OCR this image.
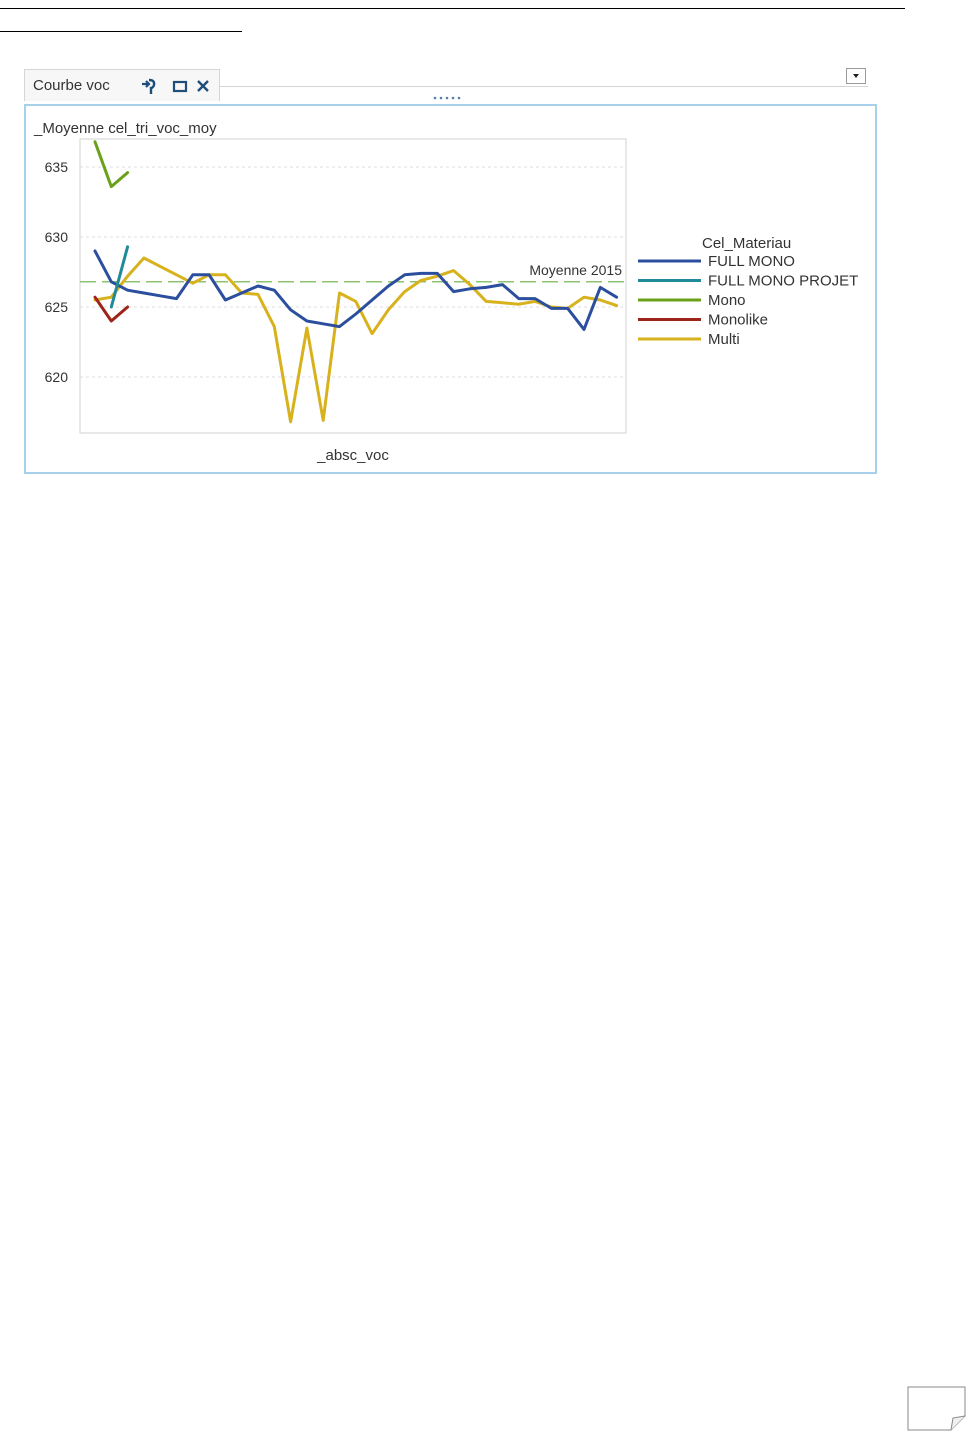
Courbe voc
_Moyenne cel_tri_voc_moy
Moyenne 2015
620
625
630
635
_absc_voc
Cel_Materiau
FULL MONO
FULL MONO PROJET
Mono
Monolike
Multi
